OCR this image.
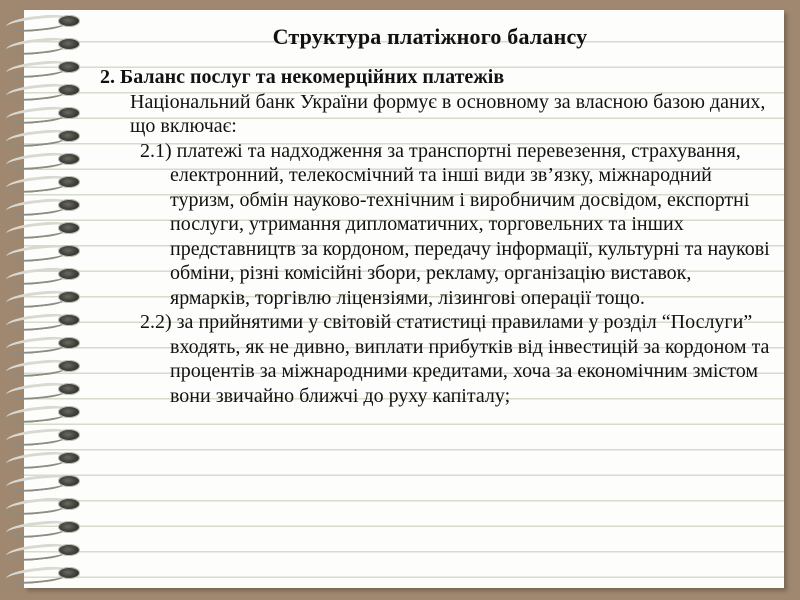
Структура платіжного балансу

2. Баланс послуг та некомерційних платежів

Національний банк України формує в основному за власною базою даних, що включає:

2.1) платежі та надходження за транспортні перевезення, страхування, електронний, телекосмічний та інші види зв’язку, міжнародний туризм, обмін науково-технічним і виробничим досвідом, експортні послуги, утримання дипломатичних, торговельних та інших представництв за кордоном, передачу інформації, культурні та наукові обміни, різні комісійні збори, рекламу, організацію виставок, ярмарків, торгівлю ліцензіями, лізингові операції тощо.

2.2) за прийнятими у світовій статистиці правилами у розділ “Послуги” входять, як не дивно, виплати прибутків від інвестицій за кордоном та процентів за міжнародними кредитами, хоча за економічним змістом вони звичайно ближчі до руху капіталу;
